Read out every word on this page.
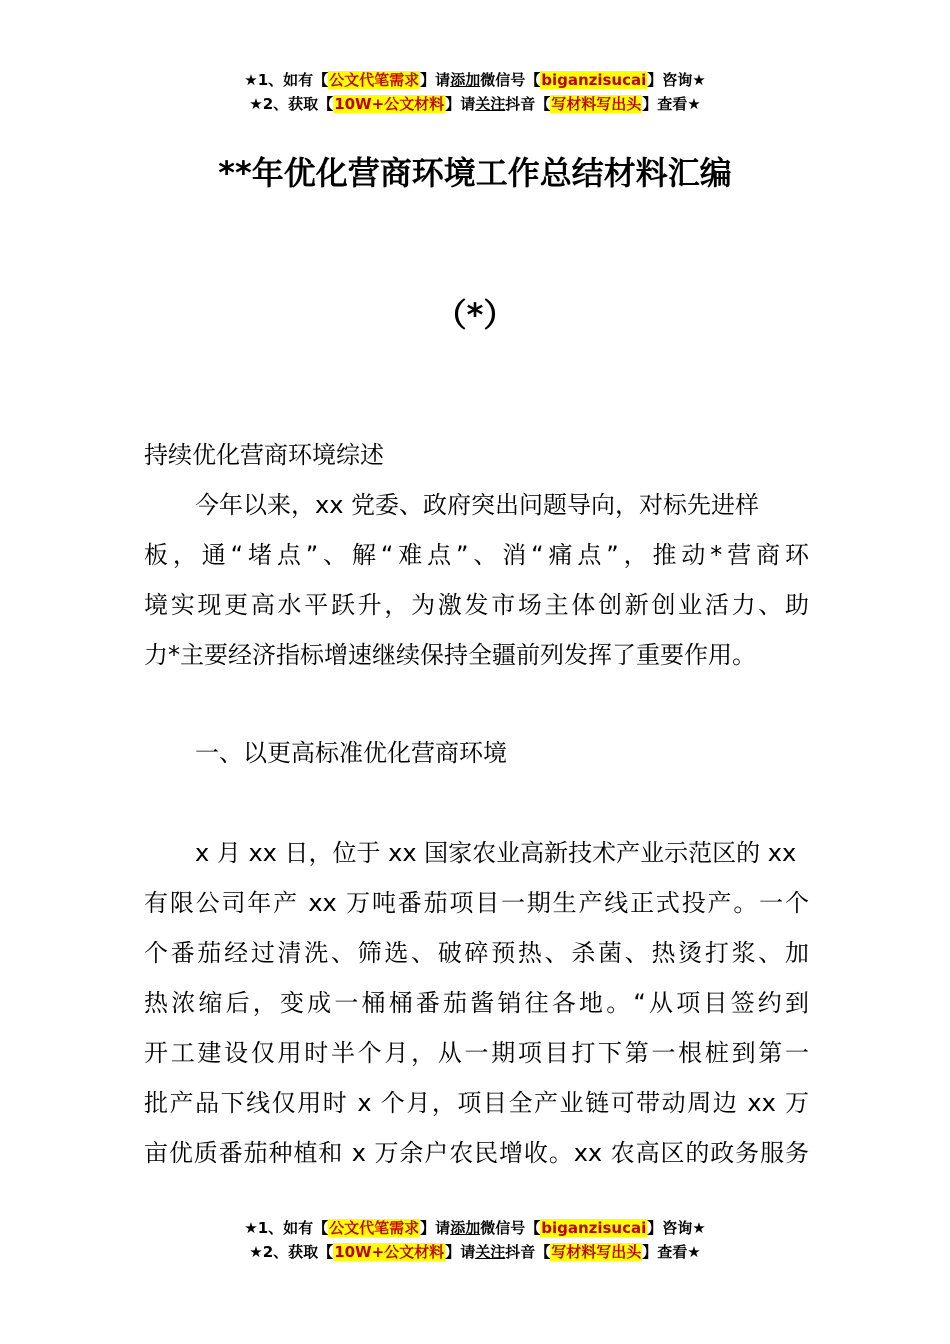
★1、如有【公文代笔需求】请添加微信号【biganzisucai】咨询★
★2、获取【10W+公文材料】请关注抖音【写材料写出头】查看★
**年优化营商环境工作总结材料汇编
（*）

持续优化营商环境综述

今年以来，xx 党委、政府突出问题导向，对标先进样
板，通“堵点”、解“难点”、消“痛点”，推动*营商环
境实现更高水平跃升，为激发市场主体创新创业活力、助
力*主要经济指标增速继续保持全疆前列发挥了重要作用。

一、以更高标准优化营商环境

x 月 xx 日，位于 xx 国家农业高新技术产业示范区的 xx
有限公司年产 xx 万吨番茄项目一期生产线正式投产。一个
个番茄经过清洗、筛选、破碎预热、杀菌、热烫打浆、加
热浓缩后，变成一桶桶番茄酱销往各地。“从项目签约到
开工建设仅用时半个月，从一期项目打下第一根桩到第一
批产品下线仅用时 x 个月，项目全产业链可带动周边 xx 万
亩优质番茄种植和 x 万余户农民增收。xx 农高区的政务服务
★1、如有【公文代笔需求】请添加微信号【biganzisucai】咨询★
★2、获取【10W+公文材料】请关注抖音【写材料写出头】查看★
